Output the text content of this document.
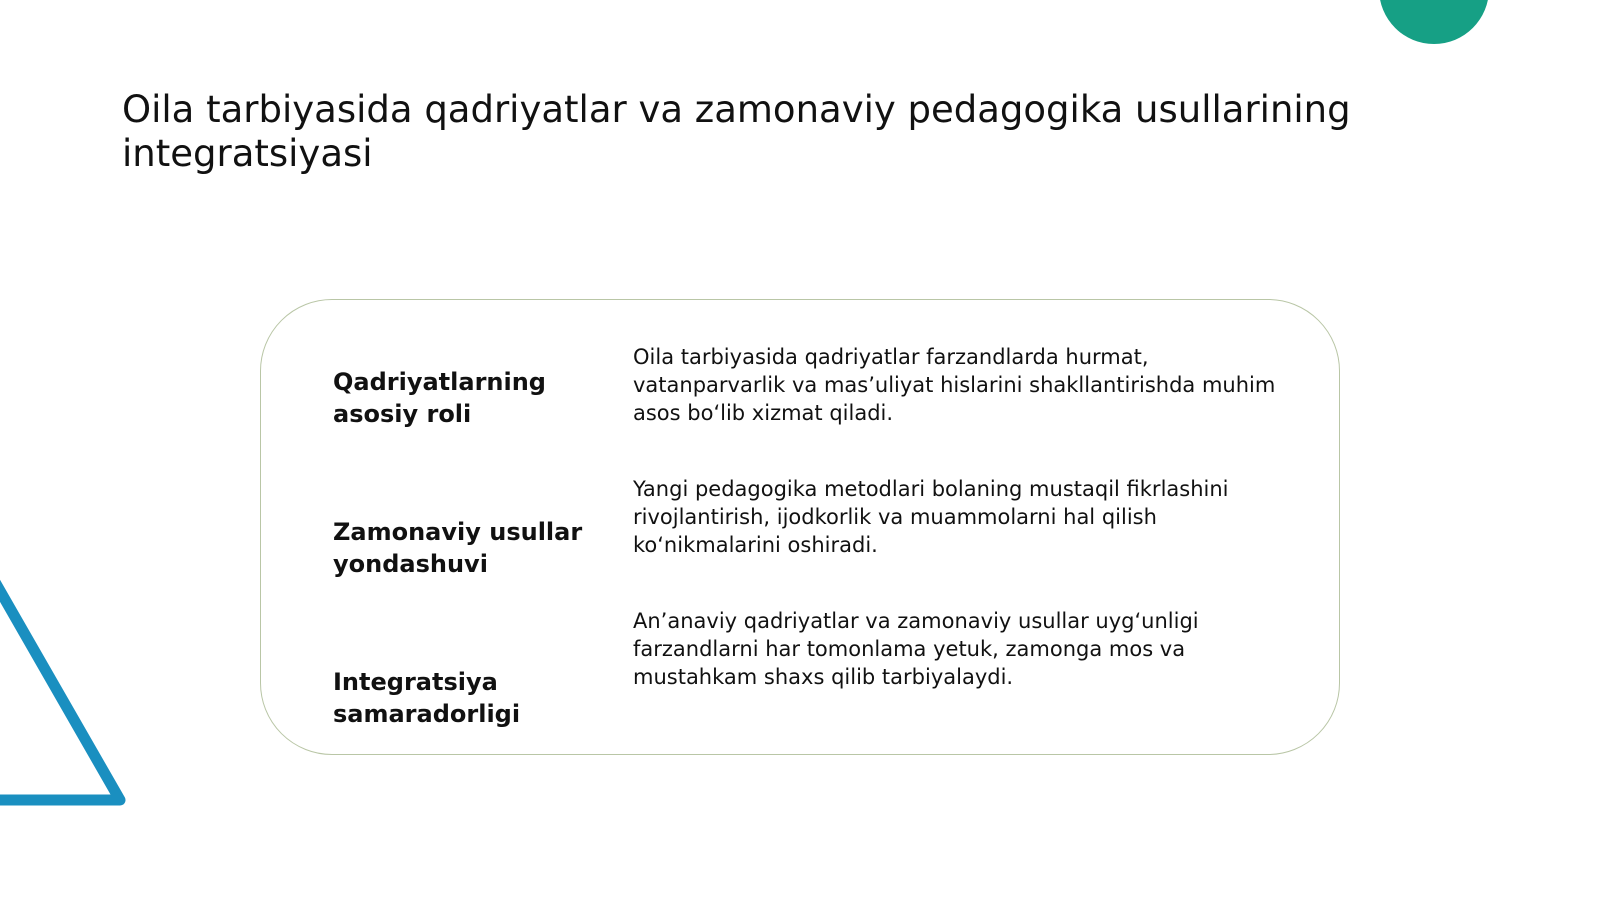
Oila tarbiyasida qadriyatlar va zamonaviy pedagogika usullarining integratsiyasi
Qadriyatlarning asosiy roli
Oila tarbiyasida qadriyatlar farzandlarda hurmat, vatanparvarlik va mas’uliyat hislarini shakllantirishda muhim asos bo‘lib xizmat qiladi.
Zamonaviy usullar yondashuvi
Yangi pedagogika metodlari bolaning mustaqil fikrlashini rivojlantirish, ijodkorlik va muammolarni hal qilish ko‘nikmalarini oshiradi.
Integratsiya samaradorligi
An’anaviy qadriyatlar va zamonaviy usullar uyg‘unligi farzandlarni har tomonlama yetuk, zamonga mos va mustahkam shaxs qilib tarbiyalaydi.
